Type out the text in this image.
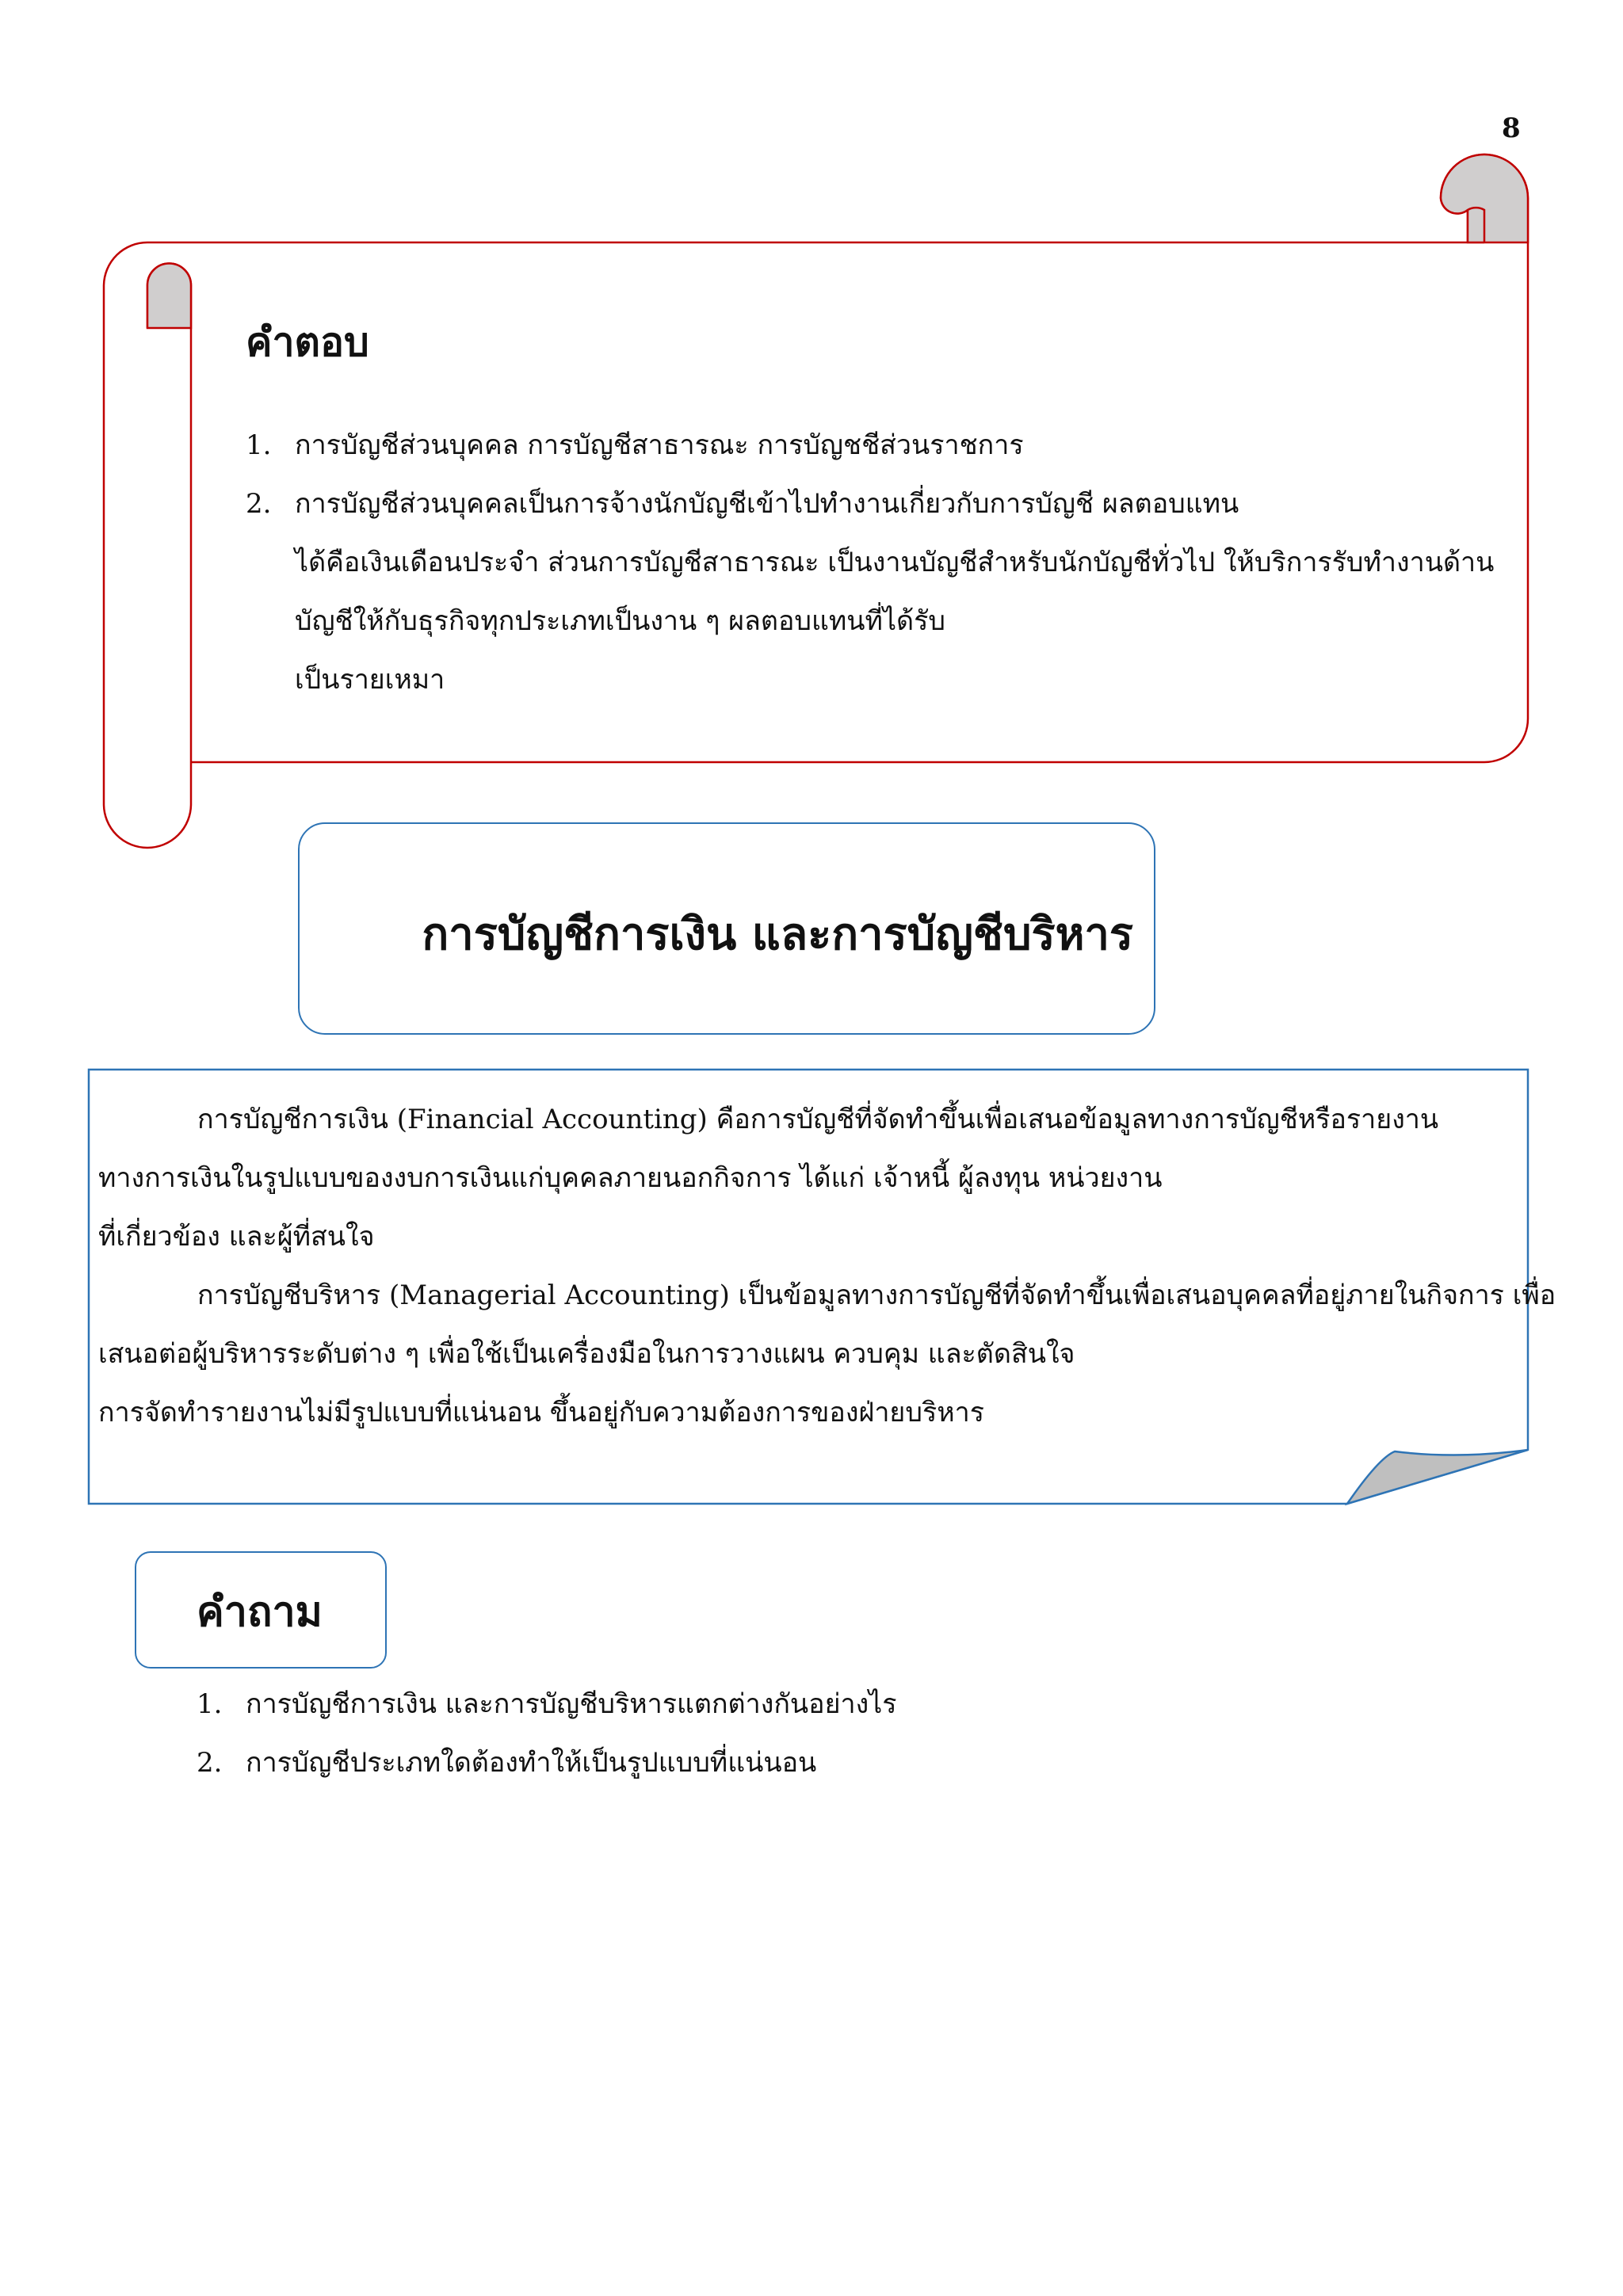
8
คำตอบ
1. การบัญชีส่วนบุคคล การบัญชีสาธารณะ การบัญชชีส่วนราชการ
2. การบัญชีส่วนบุคคลเป็นการจ้างนักบัญชีเข้าไปทำงานเกี่ยวกับการบัญชี ผลตอบแทน
ได้คือเงินเดือนประจำ ส่วนการบัญชีสาธารณะ เป็นงานบัญชีสำหรับนักบัญชีทั่วไป ให้บริการรับทำงานด้าน
บัญชีให้กับธุรกิจทุกประเภทเป็นงาน ๆ ผลตอบแทนที่ได้รับ
เป็นรายเหมา
การบัญชีการเงิน และการบัญชีบริหาร
การบัญชีการเงิน (Financial Accounting) คือการบัญชีที่จัดทำขึ้นเพื่อเสนอข้อมูลทางการบัญชีหรือรายงาน
ทางการเงินในรูปแบบของงบการเงินแก่บุคคลภายนอกกิจการ ได้แก่ เจ้าหนี้ ผู้ลงทุน หน่วยงาน
ที่เกี่ยวข้อง และผู้ที่สนใจ
การบัญชีบริหาร (Managerial Accounting) เป็นข้อมูลทางการบัญชีที่จัดทำขึ้นเพื่อเสนอบุคคลที่อยู่ภายในกิจการ เพื่อ
เสนอต่อผู้บริหารระดับต่าง ๆ เพื่อใช้เป็นเครื่องมือในการวางแผน ควบคุม และตัดสินใจ
การจัดทำรายงานไม่มีรูปแบบที่แน่นอน ขึ้นอยู่กับความต้องการของฝ่ายบริหาร
คำถาม
1. การบัญชีการเงิน และการบัญชีบริหารแตกต่างกันอย่างไร
2. การบัญชีประเภทใดต้องทำให้เป็นรูปแบบที่แน่นอน
